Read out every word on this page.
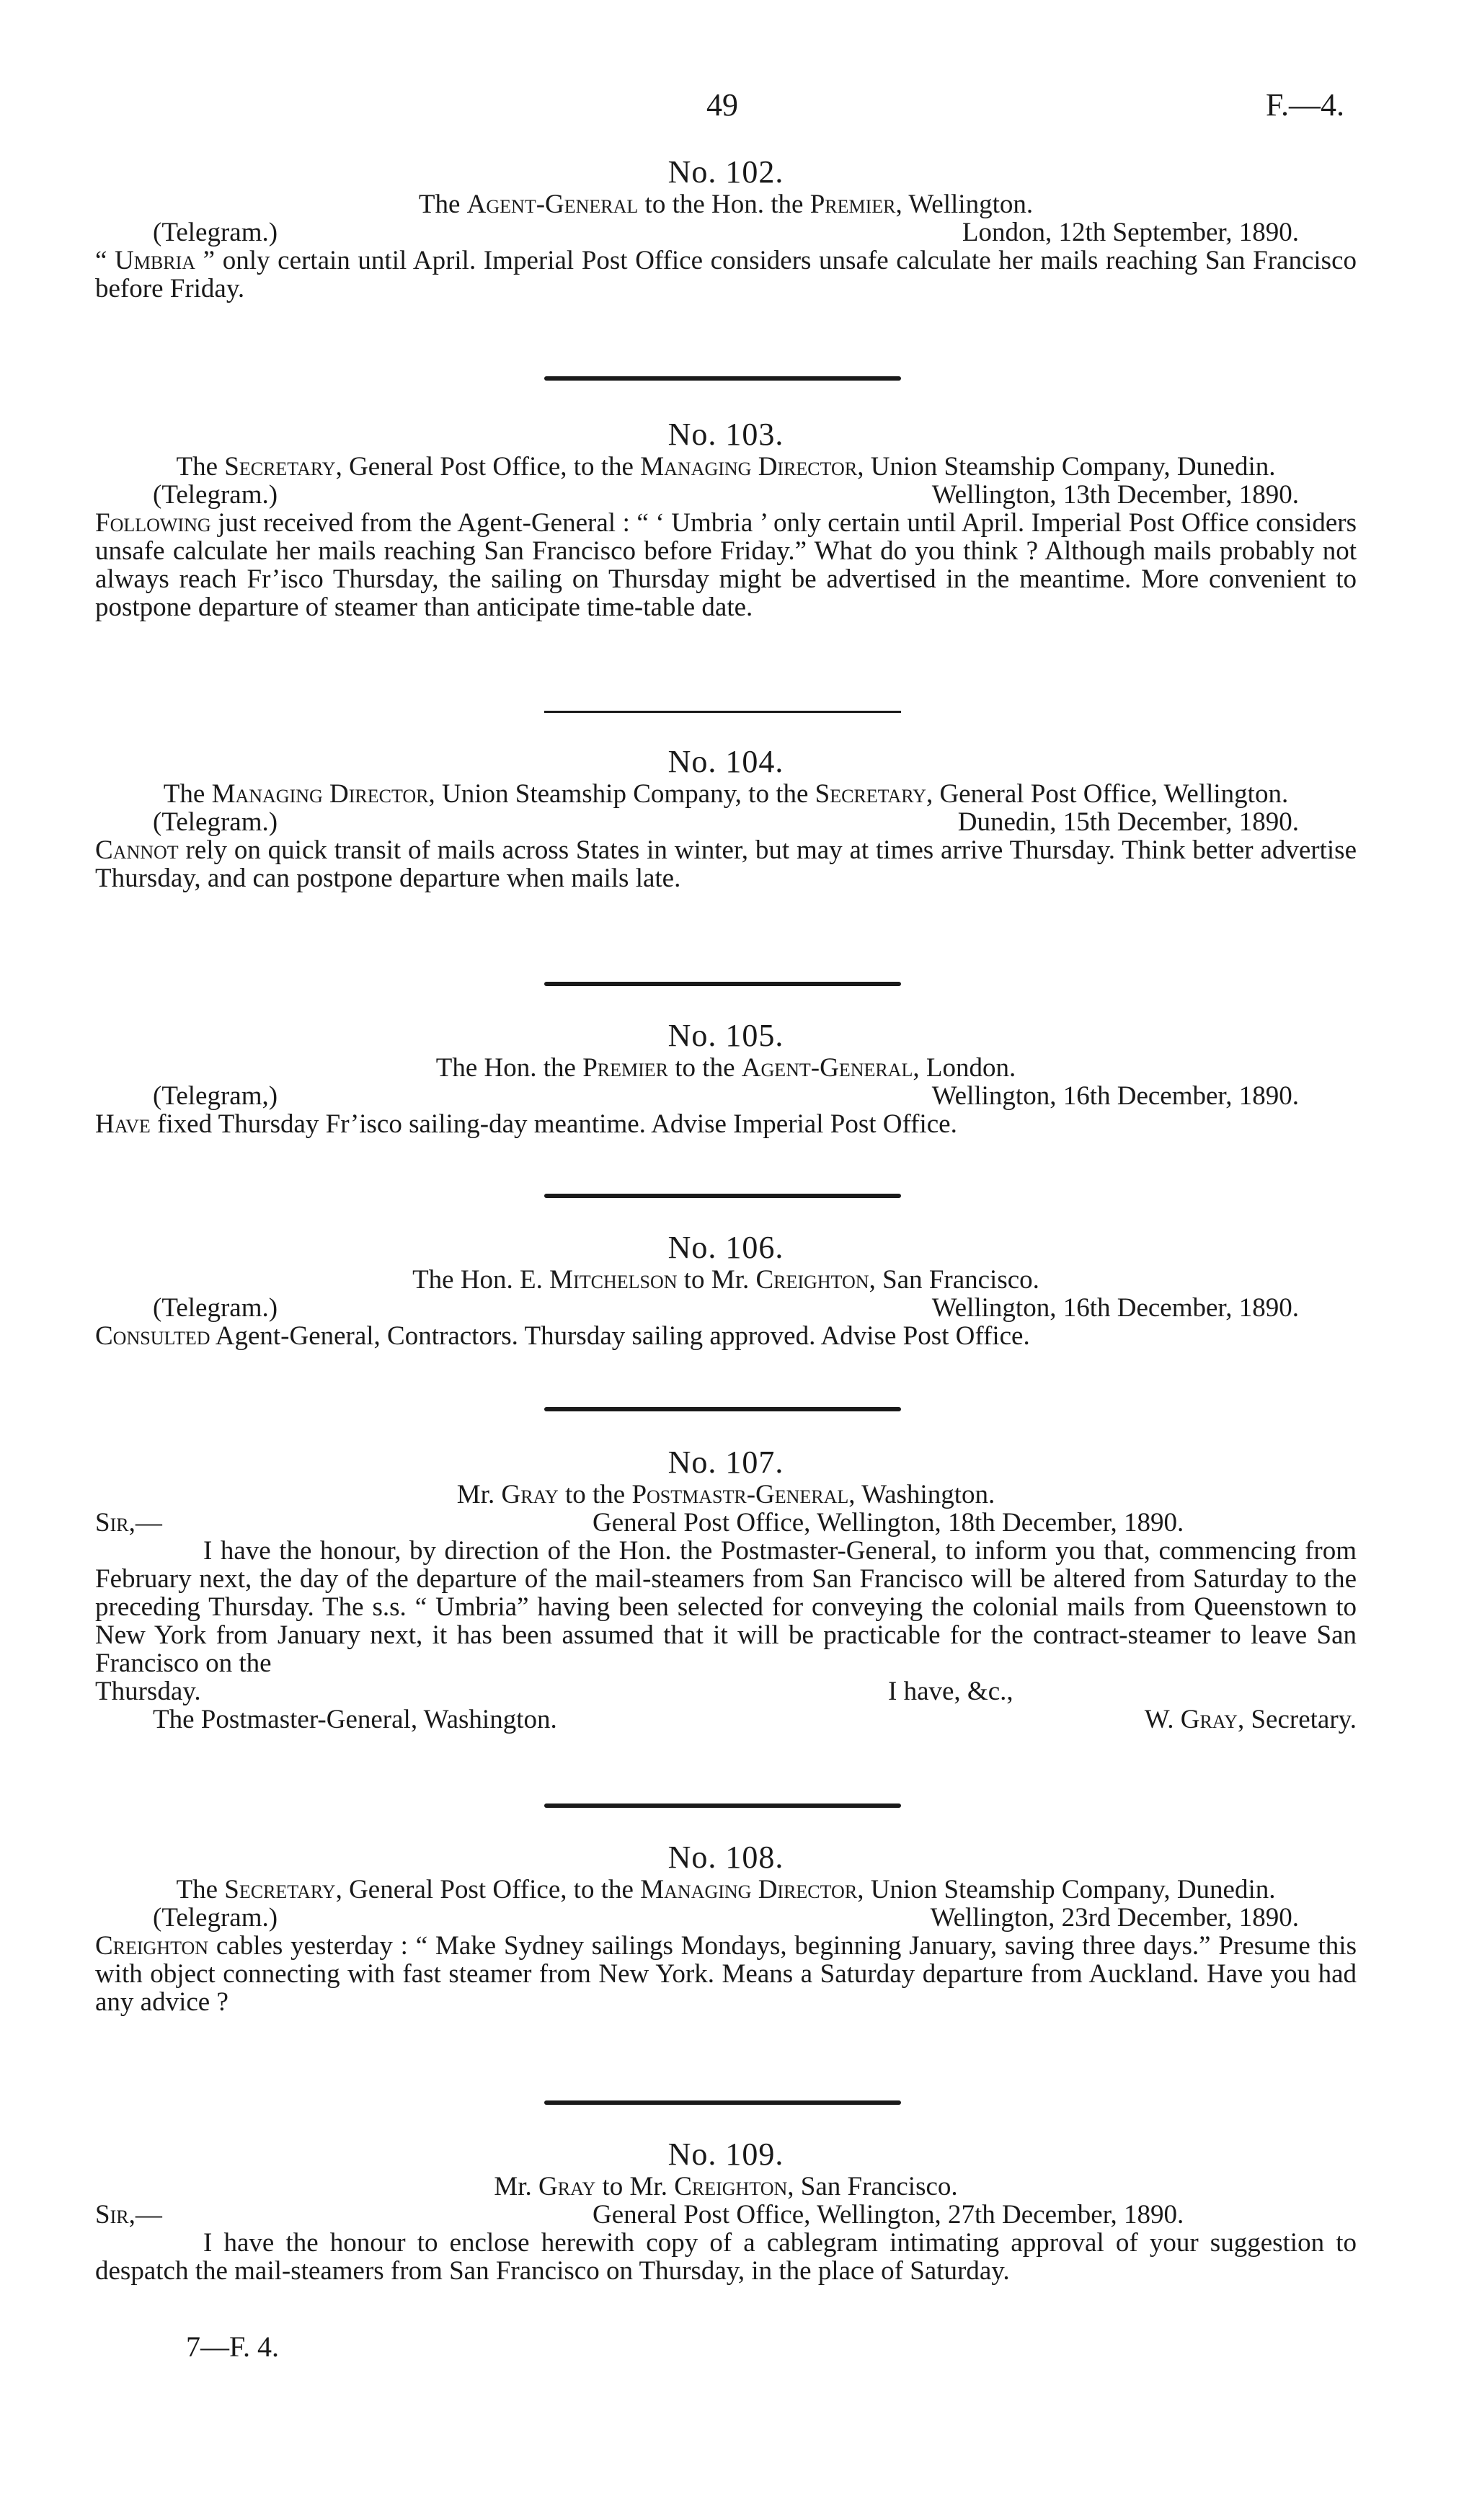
49	F.—4.
No. 102.
The Agent-General to the Hon. the Premier, Wellington.
(Telegram.)	London, 12th September, 1890.

“ Umbria ” only certain until April. Imperial Post Office considers unsafe calculate her mails reaching San Francisco before Friday.

No. 103.
The Secretary, General Post Office, to the Managing Director, Union Steamship Company, Dunedin.
(Telegram.)	Wellington, 13th December, 1890.

Following just received from the Agent-General : “ ‘ Umbria ’ only certain until April. Imperial Post Office considers unsafe calculate her mails reaching San Francisco before Friday.” What do you think ? Although mails probably not always reach Fr’isco Thursday, the sailing on Thursday might be advertised in the meantime. More convenient to postpone departure of steamer than anticipate time-table date.

No. 104.
The Managing Director, Union Steamship Company, to the Secretary, General Post Office, Wellington.
(Telegram.)	Dunedin, 15th December, 1890.

Cannot rely on quick transit of mails across States in winter, but may at times arrive Thursday. Think better advertise Thursday, and can postpone departure when mails late.

No. 105.
The Hon. the Premier to the Agent-General, London.
(Telegram,)	Wellington, 16th December, 1890.

Have fixed Thursday Fr’isco sailing-day meantime. Advise Imperial Post Office.

No. 106.
The Hon. E. Mitchelson to Mr. Creighton, San Francisco.
(Telegram.)	Wellington, 16th December, 1890.

Consulted Agent-General, Contractors. Thursday sailing approved. Advise Post Office.

No. 107.
Mr. Gray to the Postmastr-General, Washington.
Sir,—	General Post Office, Wellington, 18th December, 1890.

I have the honour, by direction of the Hon. the Postmaster-General, to inform you that, commencing from February next, the day of the departure of the mail-steamers from San Francisco will be altered from Saturday to the preceding Thursday. The s.s. “ Umbria” having been selected for conveying the colonial mails from Queenstown to New York from January next, it has been assumed that it will be practicable for the contract-steamer to leave San Francisco on the

Thursday.	I have, &c.,
The Postmaster-General, Washington.	W. Gray, Secretary.
No. 108.
The Secretary, General Post Office, to the Managing Director, Union Steamship Company, Dunedin.
(Telegram.)	Wellington, 23rd December, 1890.

Creighton cables yesterday : “ Make Sydney sailings Mondays, beginning January, saving three days.” Presume this with object connecting with fast steamer from New York. Means a Saturday departure from Auckland. Have you had any advice ?

No. 109.
Mr. Gray to Mr. Creighton, San Francisco.
Sir,—	General Post Office, Wellington, 27th December, 1890.

I have the honour to enclose herewith copy of a cablegram intimating approval of your suggestion to despatch the mail-steamers from San Francisco on Thursday, in the place of Saturday.

7—F. 4.
